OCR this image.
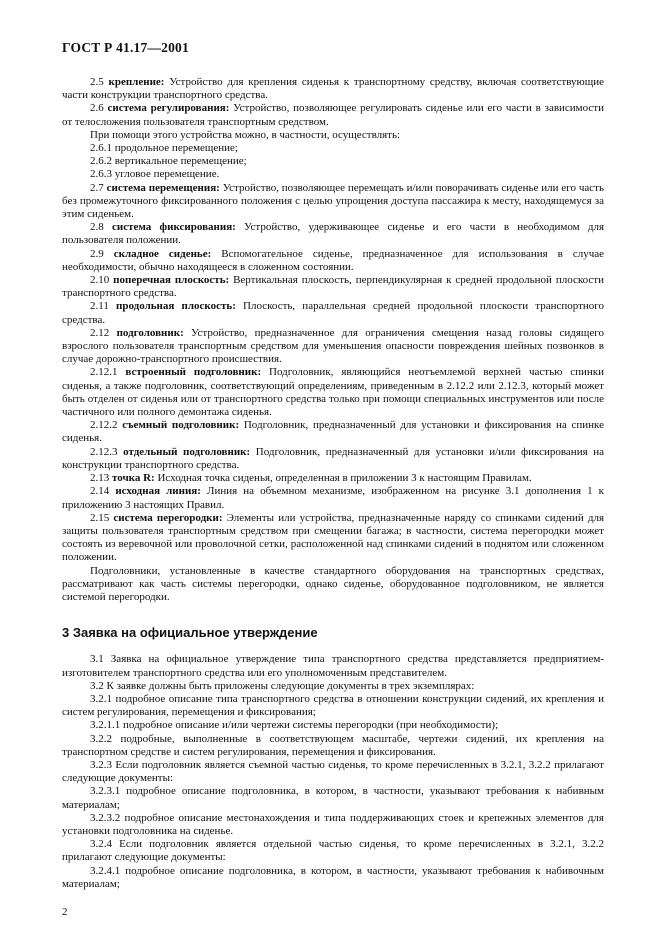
ГОСТ Р 41.17—2001

2.5 крепление: Устройство для крепления сиденья к транспортному средству, включая соответствующие части конструкции транспортного средства.

2.6 система регулирования: Устройство, позволяющее регулировать сиденье или его части в зависимости от телосложения пользователя транспортным средством.

При помощи этого устройства можно, в частности, осуществлять:

2.6.1 продольное перемещение;

2.6.2 вертикальное перемещение;

2.6.3 угловое перемещение.

2.7 система перемещения: Устройство, позволяющее перемещать и/или поворачивать сиденье или его часть без промежуточного фиксированного положения с целью упрощения доступа пассажира к месту, находящемуся за этим сиденьем.

2.8 система фиксирования: Устройство, удерживающее сиденье и его части в необходимом для пользователя положении.

2.9 складное сиденье: Вспомогательное сиденье, предназначенное для использования в случае необходимости, обычно находящееся в сложенном состоянии.

2.10 поперечная плоскость: Вертикальная плоскость, перпендикулярная к средней продольной плоскости транспортного средства.

2.11 продольная плоскость: Плоскость, параллельная средней продольной плоскости транспортного средства.

2.12 подголовник: Устройство, предназначенное для ограничения смещения назад головы сидящего взрослого пользователя транспортным средством для уменьшения опасности повреждения шейных позвонков в случае дорожно-транспортного происшествия.

2.12.1 встроенный подголовник: Подголовник, являющийся неотъемлемой верхней частью спинки сиденья, а также подголовник, соответствующий определениям, приведенным в 2.12.2 или 2.12.3, который может быть отделен от сиденья или от транспортного средства только при помощи специальных инструментов или после частичного или полного демонтажа сиденья.

2.12.2 съемный подголовник: Подголовник, предназначенный для установки и фиксирования на спинке сиденья.

2.12.3 отдельный подголовник: Подголовник, предназначенный для установки и/или фиксирования на конструкции транспортного средства.

2.13 точка R: Исходная точка сиденья, определенная в приложении 3 к настоящим Правилам.

2.14 исходная линия: Линия на объемном механизме, изображенном на рисунке 3.1 дополнения 1 к приложению 3 настоящих Правил.

2.15 система перегородки: Элементы или устройства, предназначенные наряду со спинками сидений для защиты пользователя транспортным средством при смещении багажа; в частности, система перегородки может состоять из веревочной или проволочной сетки, расположенной над спинками сидений в поднятом или сложенном положении.

Подголовники, установленные в качестве стандартного оборудования на транспортных средствах, рассматривают как часть системы перегородки, однако сиденье, оборудованное подголовником, не является системой перегородки.

3 Заявка на официальное утверждение

3.1 Заявка на официальное утверждение типа транспортного средства представляется предприятием-изготовителем транспортного средства или его уполномоченным представителем.

3.2 К заявке должны быть приложены следующие документы в трех экземплярах:

3.2.1 подробное описание типа транспортного средства в отношении конструкции сидений, их крепления и систем регулирования, перемещения и фиксирования;

3.2.1.1 подробное описание и/или чертежи системы перегородки (при необходимости);

3.2.2 подробные, выполненные в соответствующем масштабе, чертежи сидений, их крепления на транспортном средстве и систем регулирования, перемещения и фиксирования.

3.2.3 Если подголовник является съемной частью сиденья, то кроме перечисленных в 3.2.1, 3.2.2 прилагают следующие документы:

3.2.3.1 подробное описание подголовника, в котором, в частности, указывают требования к набивным материалам;

3.2.3.2 подробное описание местонахождения и типа поддерживающих стоек и крепежных элементов для установки подголовника на сиденье.

3.2.4 Если подголовник является отдельной частью сиденья, то кроме перечисленных в 3.2.1, 3.2.2 прилагают следующие документы:

3.2.4.1 подробное описание подголовника, в котором, в частности, указывают требования к набивочным материалам;

2
